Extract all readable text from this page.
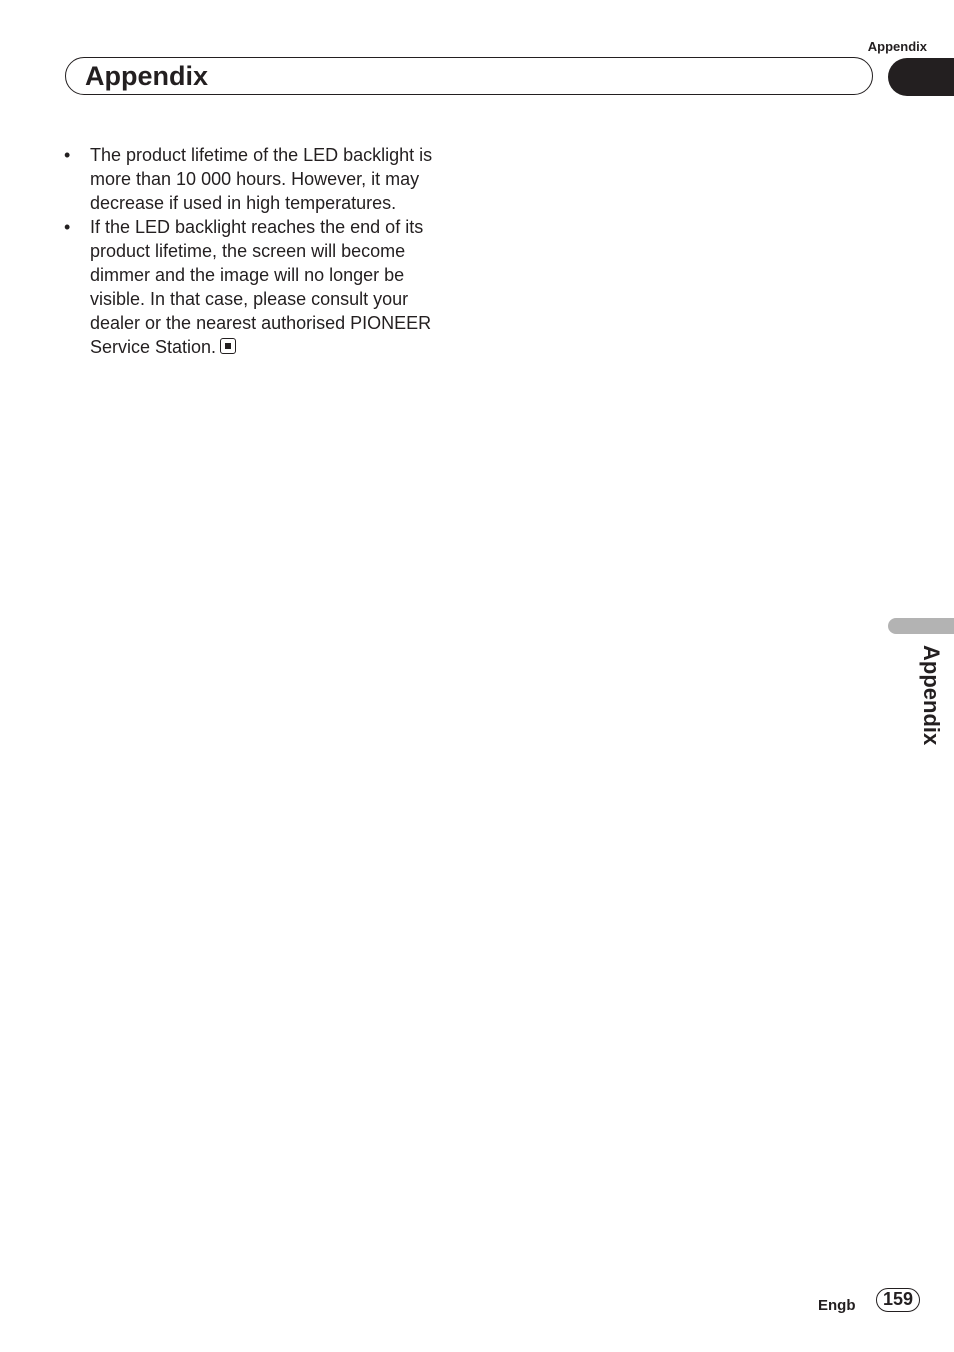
Appendix
Appendix
• The product lifetime of the LED backlight is more than 10 000 hours. However, it may decrease if used in high temperatures.
• If the LED backlight reaches the end of its product lifetime, the screen will become dimmer and the image will no longer be visible. In that case, please consult your dealer or the nearest authorised PIONEER Service Station.
Appendix
Engb	159
